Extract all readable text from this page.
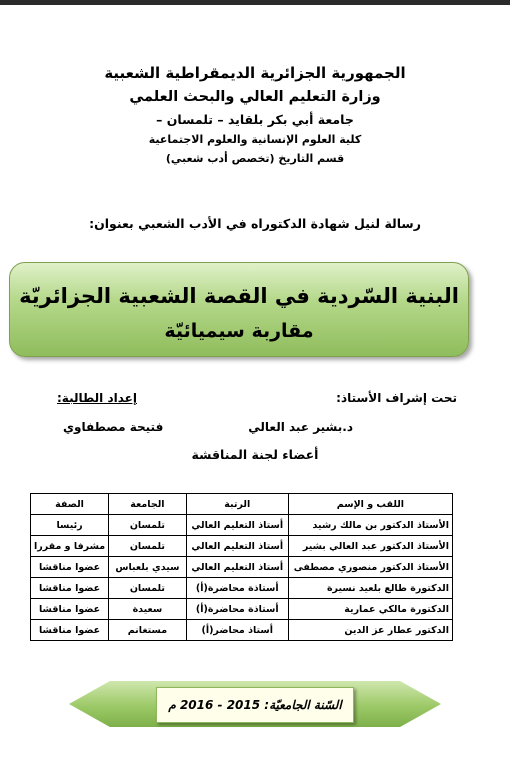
الجمهورية الجزائرية الديمقراطية الشعبية
وزارة التعليم العالي والبحث العلمي
جامعة أبي بكر بلقايد – تلمسان –
كلية العلوم الإنسانية والعلوم الاجتماعية
قسم التاريخ (تخصص أدب شعبي)
رسالة لنيل شهادة الدكتوراه في الأدب الشعبي بعنوان:
البنية السّردية في القصة الشعبية الجزائريّة
مقاربة سيميائيّة
تحت إشراف الأستاذ:
د.بشير عبد العالي
إعداد الطالبة:
فتيحة مصطفاوي
أعضاء لجنة المناقشة
اللقب و الإسم	الرتبة	الجامعة	الصفة
الأستاذ الدكتور بن مالك رشيد	أستاذ التعليم العالي	تلمسان	رئيسا
الأستاذ الدكتور عبد العالي بشير	أستاذ التعليم العالي	تلمسان	مشرفا و مقررا
الأستاذ الدكتور منصوري مصطفى	أستاذ التعليم العالي	سيدي بلعباس	عضوا مناقشا
الدكتورة طالع بلعيد نسيرة	أستاذة محاضرة(أ)	تلمسان	عضوا مناقشا
الدكتورة مالكي عمارية	أستاذة محاضرة(أ)	سعيدة	عضوا مناقشا
الدكتور عطار عز الدين	أستاذ محاضر(أ)	مستغانم	عضوا مناقشا
السّنة الجامعيّة: 2015 - 2016 م
